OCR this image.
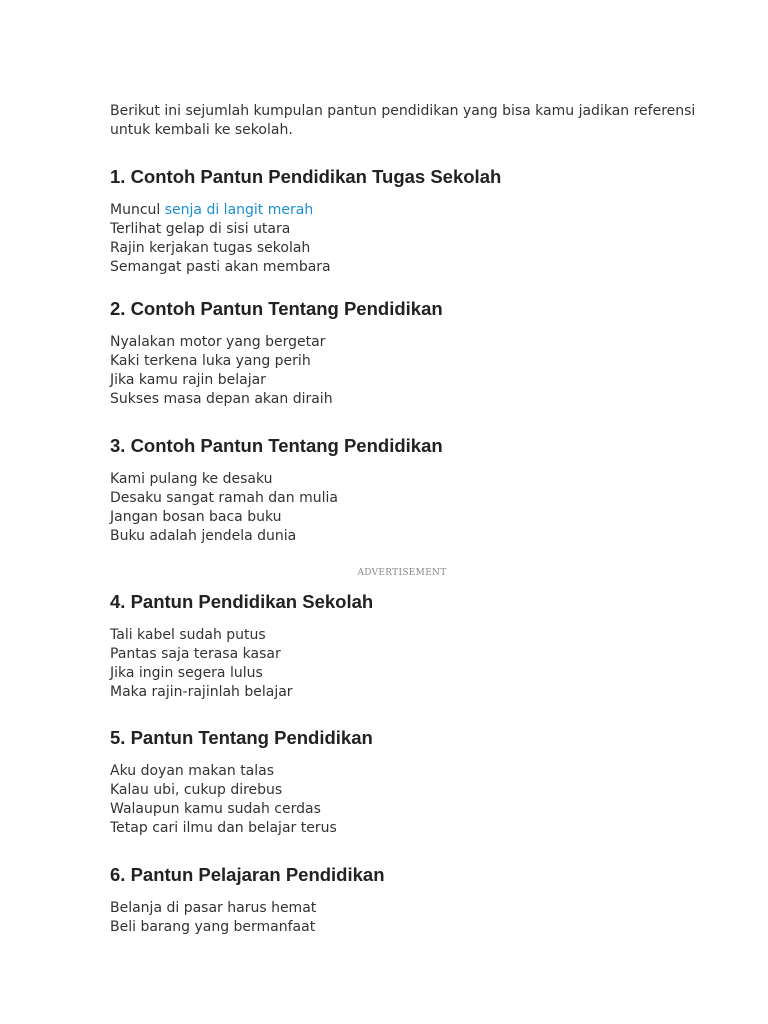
Berikut ini sejumlah kumpulan pantun pendidikan yang bisa kamu jadikan referensi untuk kembali ke sekolah.

1. Contoh Pantun Pendidikan Tugas Sekolah
Muncul senja di langit merah
Terlihat gelap di sisi utara
Rajin kerjakan tugas sekolah
Semangat pasti akan membara
2. Contoh Pantun Tentang Pendidikan
Nyalakan motor yang bergetar
Kaki terkena luka yang perih
Jika kamu rajin belajar
Sukses masa depan akan diraih
3. Contoh Pantun Tentang Pendidikan
Kami pulang ke desaku
Desaku sangat ramah dan mulia
Jangan bosan baca buku
Buku adalah jendela dunia
ADVERTISEMENT
4. Pantun Pendidikan Sekolah
Tali kabel sudah putus
Pantas saja terasa kasar
Jika ingin segera lulus
Maka rajin-rajinlah belajar
5. Pantun Tentang Pendidikan
Aku doyan makan talas
Kalau ubi, cukup direbus
Walaupun kamu sudah cerdas
Tetap cari ilmu dan belajar terus
6. Pantun Pelajaran Pendidikan
Belanja di pasar harus hemat
Beli barang yang bermanfaat
